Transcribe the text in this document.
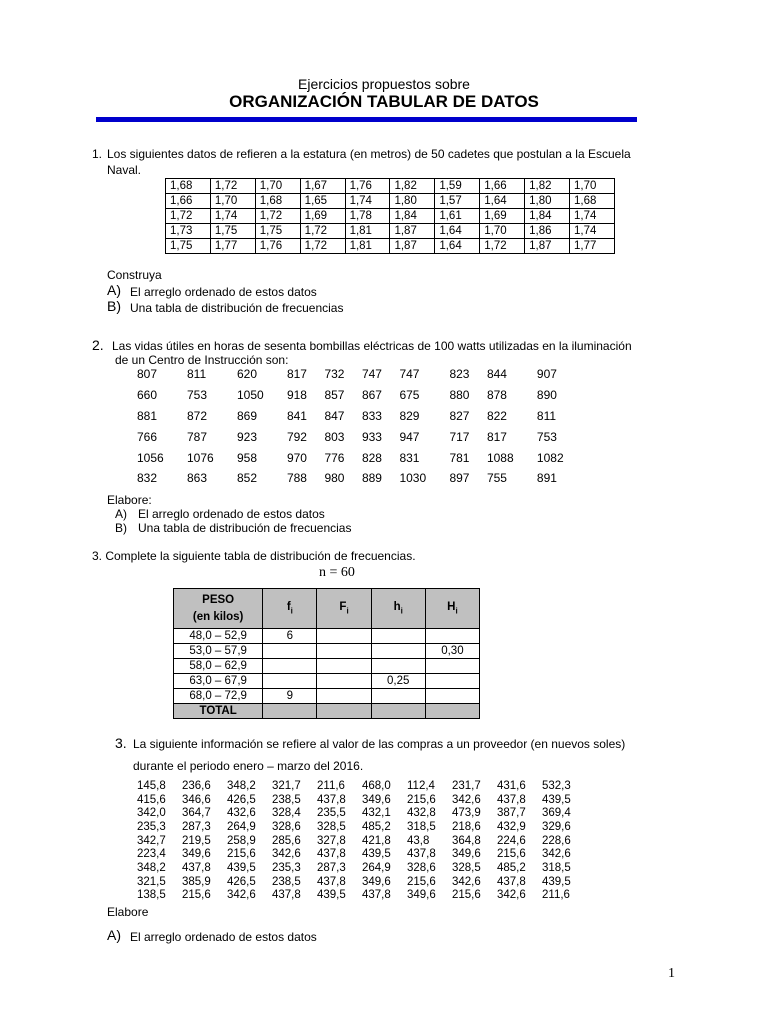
Ejercicios propuestos sobre
ORGANIZACIÓN TABULAR DE DATOS
1. Los siguientes datos de refieren a la estatura (en metros) de 50 cadetes que postulan a la Escuela
Naval.
1,68	1,72	1,70	1,67	1,76	1,82	1,59	1,66	1,82	1,70
1,66	1,70	1,68	1,65	1,74	1,80	1,57	1,64	1,80	1,68
1,72	1,74	1,72	1,69	1,78	1,84	1,61	1,69	1,84	1,74
1,73	1,75	1,75	1,72	1,81	1,87	1,64	1,70	1,86	1,74
1,75	1,77	1,76	1,72	1,81	1,87	1,64	1,72	1,87	1,77
Construya
A) El arreglo ordenado de estos datos
B) Una tabla de distribución de frecuencias
2. Las vidas útiles en horas de sesenta bombillas eléctricas de 100 watts utilizadas en la iluminación
de un Centro de Instrucción son:
807	811	620	817	732	747	747	823	844	907
660	753	1050	918	857	867	675	880	878	890
881	872	869	841	847	833	829	827	822	811
766	787	923	792	803	933	947	717	817	753
1056	1076	958	970	776	828	831	781	1088	1082
832	863	852	788	980	889	1030	897	755	891
Elabore:
A) El arreglo ordenado de estos datos
B) Una tabla de distribución de frecuencias
3. Complete la siguiente tabla de distribución de frecuencias.
n = 60
PESO
(en kilos)	$f_i$	$F_i$	$h_i$	$H_i$
48,0 – 52,9	6			
53,0 – 57,9				0,30
58,0 – 62,9				
63,0 – 67,9			0,25	
68,0 – 72,9	9			
TOTAL				
3. La siguiente información se refiere al valor de las compras a un proveedor (en nuevos soles)
durante el periodo enero – marzo del 2016.
145,8	236,6	348,2	321,7	211,6	468,0	112,4	231,7	431,6	532,3
415,6	346,6	426,5	238,5	437,8	349,6	215,6	342,6	437,8	439,5
342,0	364,7	432,6	328,4	235,5	432,1	432,8	473,9	387,7	369,4
235,3	287,3	264,9	328,6	328,5	485,2	318,5	218,6	432,9	329,6
342,7	219,5	258,9	285,6	327,8	421,8	43,8	364,8	224,6	228,6
223,4	349,6	215,6	342,6	437,8	439,5	437,8	349,6	215,6	342,6
348,2	437,8	439,5	235,3	287,3	264,9	328,6	328,5	485,2	318,5
321,5	385,9	426,5	238,5	437,8	349,6	215,6	342,6	437,8	439,5
138,5	215,6	342,6	437,8	439,5	437,8	349,6	215,6	342,6	211,6
Elabore
A) El arreglo ordenado de estos datos
1
